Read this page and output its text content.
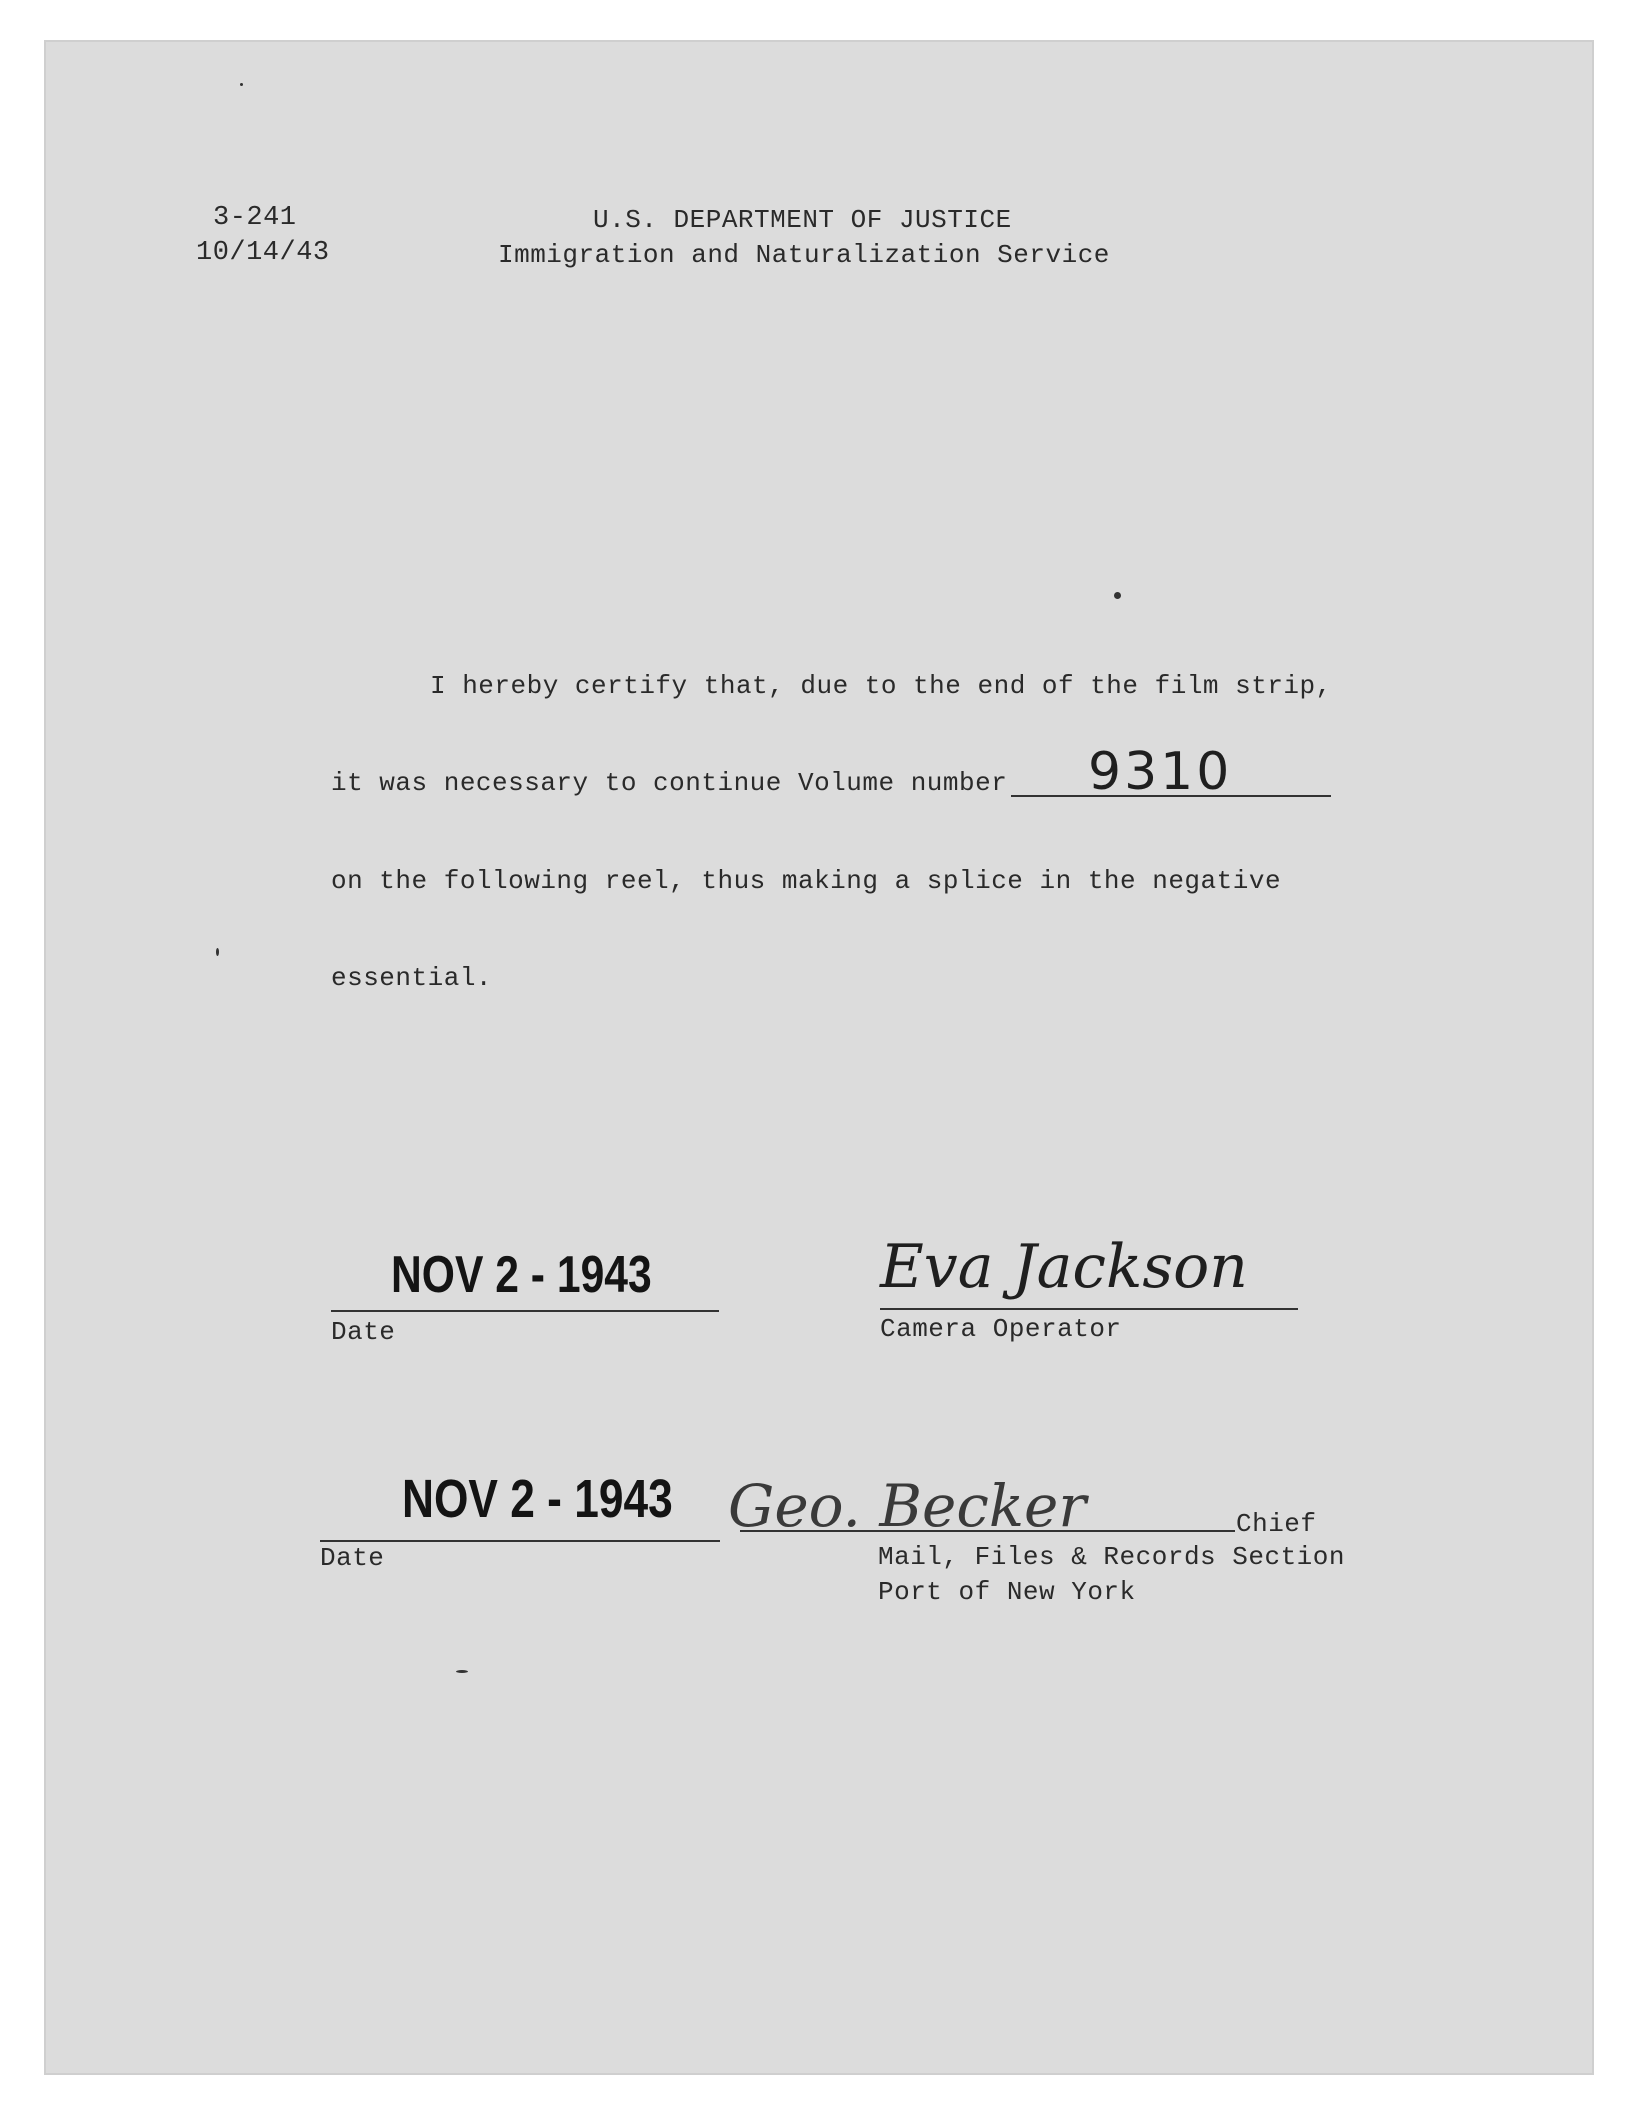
3-241
10/14/43
U.S. DEPARTMENT OF JUSTICE
Immigration and Naturalization Service
I hereby certify that, due to the end of the film strip,
it was necessary to continue Volume number 9310
on the following reel, thus making a splice in the negative
essential.
NOV 2 - 1943
Date
Eva Jackson
Camera Operator
NOV 2 - 1943
Date
Geo. Becker	Chief
Mail, Files & Records Section
Port of New York
